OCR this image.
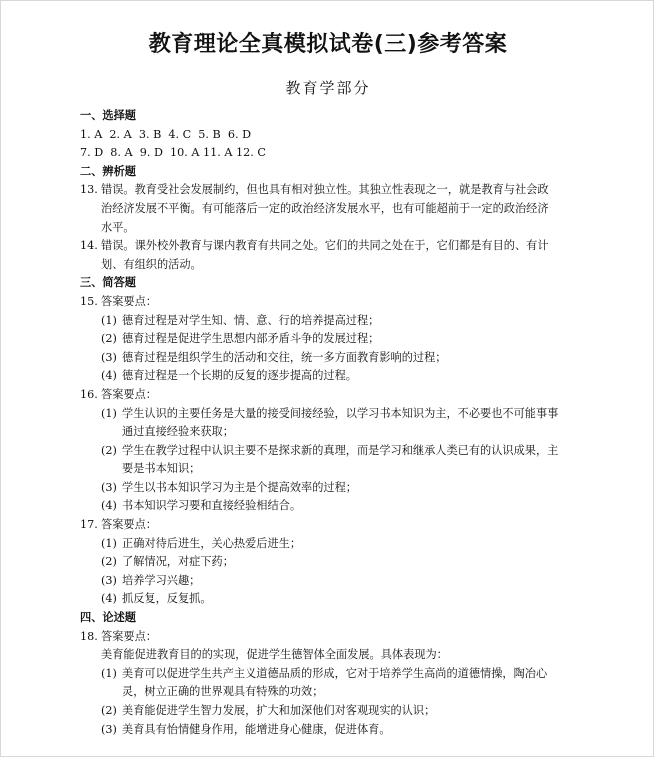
教育理论全真模拟试卷(三)参考答案
教育学部分
一、选择题
1. A  2. A  3. B  4. C  5. B  6. D
7. D  8. A  9. D  10. A 11. A 12. C
二、辨析题
13. 错误。教育受社会发展制约，但也具有相对独立性。其独立性表现之一，就是教育与社会政
治经济发展不平衡。有可能落后一定的政治经济发展水平，也有可能超前于一定的政治经济
水平。
14. 错误。课外校外教育与课内教育有共同之处。它们的共同之处在于，它们都是有目的、有计
划、有组织的活动。
三、简答题
15. 答案要点：
(1) 德育过程是对学生知、情、意、行的培养提高过程；
(2) 德育过程是促进学生思想内部矛盾斗争的发展过程；
(3) 德育过程是组织学生的活动和交往，统一多方面教育影响的过程；
(4) 德育过程是一个长期的反复的逐步提高的过程。
16. 答案要点：
(1) 学生认识的主要任务是大量的接受间接经验，以学习书本知识为主，不必要也不可能事事
通过直接经验来获取；
(2) 学生在教学过程中认识主要不是探求新的真理，而是学习和继承人类已有的认识成果，主
要是书本知识；
(3) 学生以书本知识学习为主是个提高效率的过程；
(4) 书本知识学习要和直接经验相结合。
17. 答案要点：
(1) 正确对待后进生，关心热爱后进生；
(2) 了解情况，对症下药；
(3) 培养学习兴趣；
(4) 抓反复，反复抓。
四、论述题
18. 答案要点：
美育能促进教育目的的实现，促进学生德智体全面发展。具体表现为：
(1) 美育可以促进学生共产主义道德品质的形成，它对于培养学生高尚的道德情操，陶冶心
灵，树立正确的世界观具有特殊的功效；
(2) 美育能促进学生智力发展，扩大和加深他们对客观现实的认识；
(3) 美育具有怡情健身作用，能增进身心健康，促进体育。
